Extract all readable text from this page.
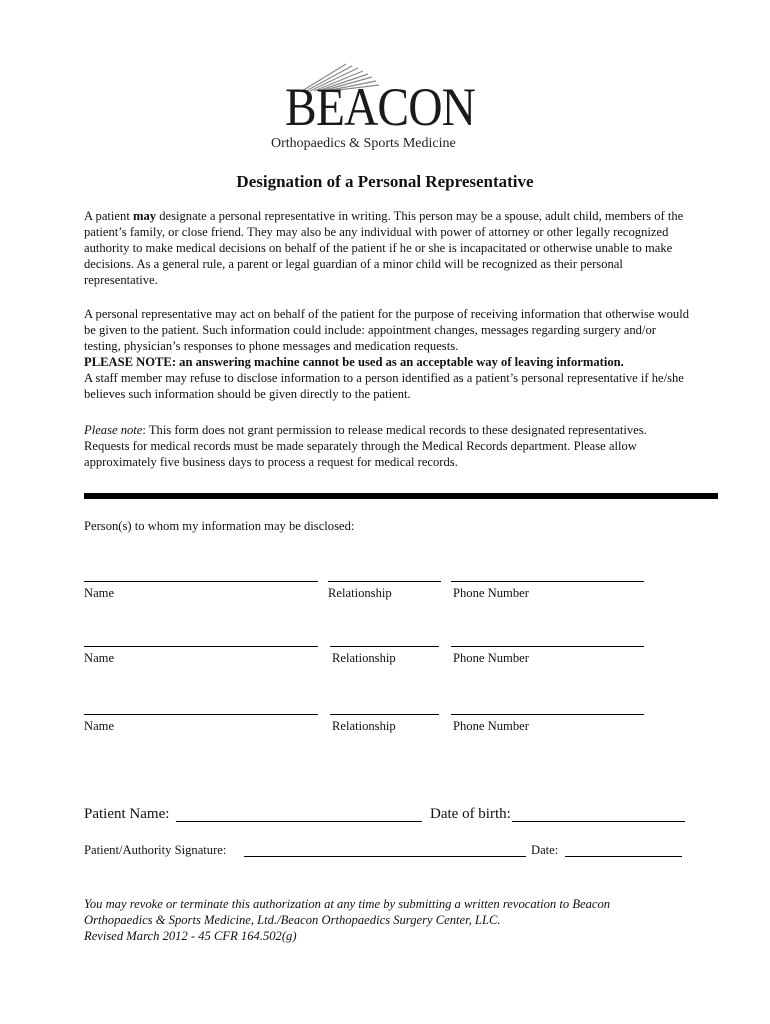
BEACON
Orthopaedics & Sports Medicine
Designation of a Personal Representative

A patient may designate a personal representative in writing. This person may be a spouse, adult child, members of the patient’s family, or close friend. They may also be any individual with power of attorney or other legally recognized authority to make medical decisions on behalf of the patient if he or she is incapacitated or otherwise unable to make decisions. As a general rule, a parent or legal guardian of a minor child will be recognized as their personal representative.

A personal representative may act on behalf of the patient for the purpose of receiving information that otherwise would be given to the patient. Such information could include: appointment changes, messages regarding surgery and/or testing, physician’s responses to phone messages and medication requests.
PLEASE NOTE: an answering machine cannot be used as an acceptable way of leaving information.
A staff member may refuse to disclose information to a person identified as a patient’s personal representative if he/she believes such information should be given directly to the patient.

Please note: This form does not grant permission to release medical records to these designated representatives. Requests for medical records must be made separately through the Medical Records department. Please allow approximately five business days to process a request for medical records.

Person(s) to whom my information may be disclosed:
Name	Relationship	Phone Number
Name	Relationship	Phone Number
Name	Relationship	Phone Number
Patient Name:	Date of birth:
Patient/Authority Signature:	Date:
You may revoke or terminate this authorization at any time by submitting a written revocation to Beacon
Orthopaedics & Sports Medicine, Ltd./Beacon Orthopaedics Surgery Center, LLC.
Revised March 2012 - 45 CFR 164.502(g)
